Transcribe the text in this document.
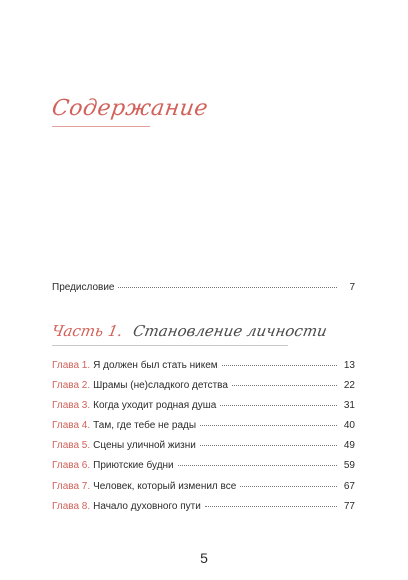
Содержание
Предисловие	7
Часть 1. Становление личности
Глава 1. Я должен был стать никем	13
Глава 2. Шрамы (не)сладкого детства	22
Глава 3. Когда уходит родная душа	31
Глава 4. Там, где тебе не рады	40
Глава 5. Сцены уличной жизни	49
Глава 6. Приютские будни	59
Глава 7. Человек, который изменил все	67
Глава 8. Начало духовного пути	77
5
